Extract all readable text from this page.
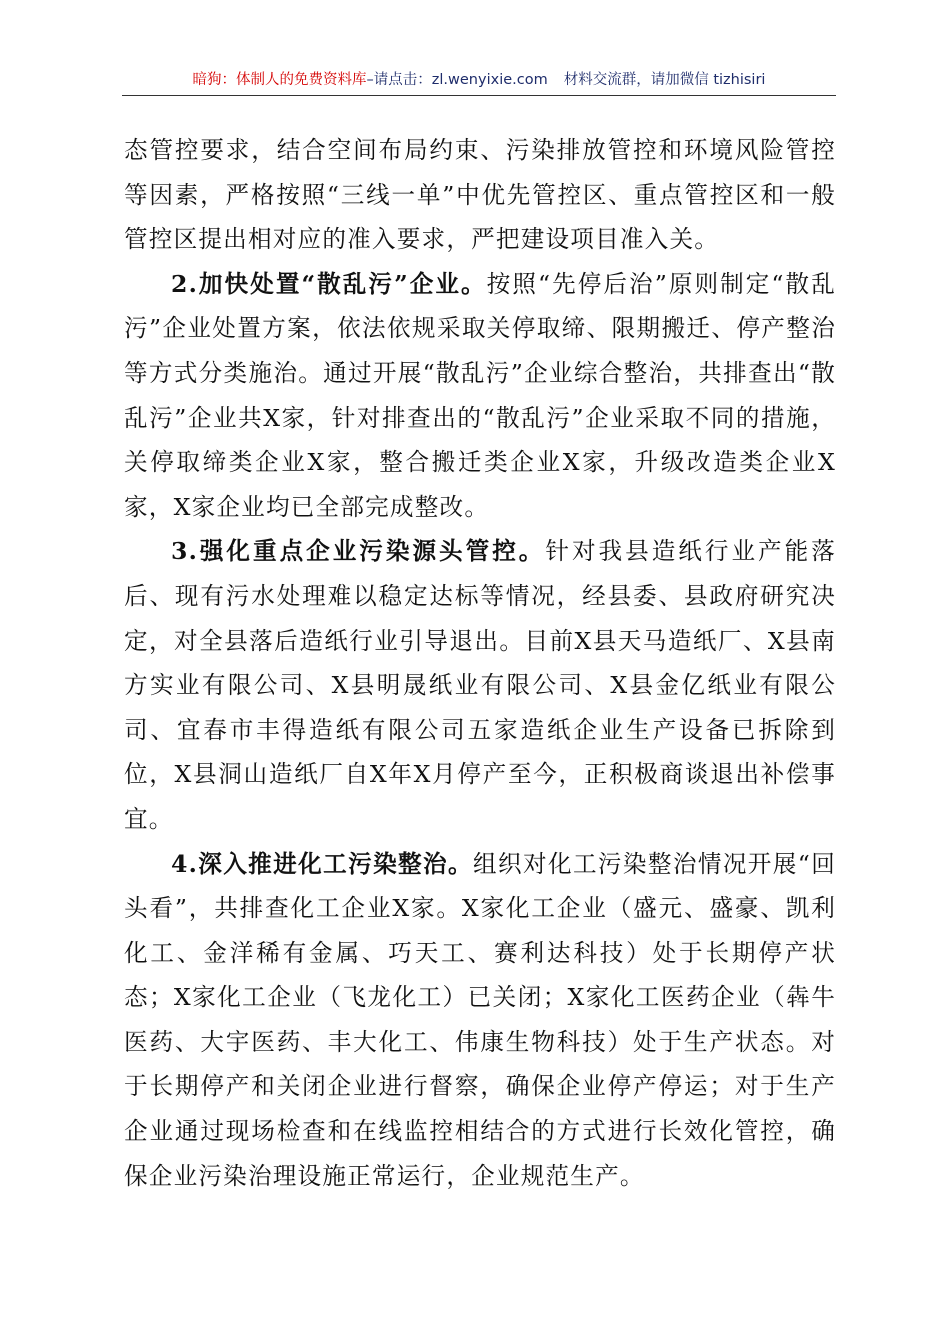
暗狗：体制人的免费资料库–请点击：zl.wenyixie.com 材料交流群，请加微信 tizhisiri

态管控要求，结合空间布局约束、污染排放管控和环境风险管控等因素，严格按照“三线一单”中优先管控区、重点管控区和一般管控区提出相对应的准入要求，严把建设项目准入关。

2.加快处置“散乱污”企业。按照“先停后治”原则制定“散乱污”企业处置方案，依法依规采取关停取缔、限期搬迁、停产整治等方式分类施治。通过开展“散乱污”企业综合整治，共排查出“散乱污”企业共X家，针对排查出的“散乱污”企业采取不同的措施，关停取缔类企业X家，整合搬迁类企业X家，升级改造类企业X家，X家企业均已全部完成整改。

3.强化重点企业污染源头管控。针对我县造纸行业产能落后、现有污水处理难以稳定达标等情况，经县委、县政府研究决定，对全县落后造纸行业引导退出。目前X县天马造纸厂、X县南方实业有限公司、X县明晟纸业有限公司、X县金亿纸业有限公司、宜春市丰得造纸有限公司五家造纸企业生产设备已拆除到位，X县洞山造纸厂自X年X月停产至今，正积极商谈退出补偿事宜。

4.深入推进化工污染整治。组织对化工污染整治情况开展“回头看”，共排查化工企业X家。X家化工企业（盛元、盛豪、凯利化工、金洋稀有金属、巧天工、赛利达科技）处于长期停产状态；X家化工企业（飞龙化工）已关闭；X家化工医药企业（犇牛医药、大宇医药、丰大化工、伟康生物科技）处于生产状态。对于长期停产和关闭企业进行督察，确保企业停产停运；对于生产企业通过现场检查和在线监控相结合的方式进行长效化管控，确保企业污染治理设施正常运行，企业规范生产。
